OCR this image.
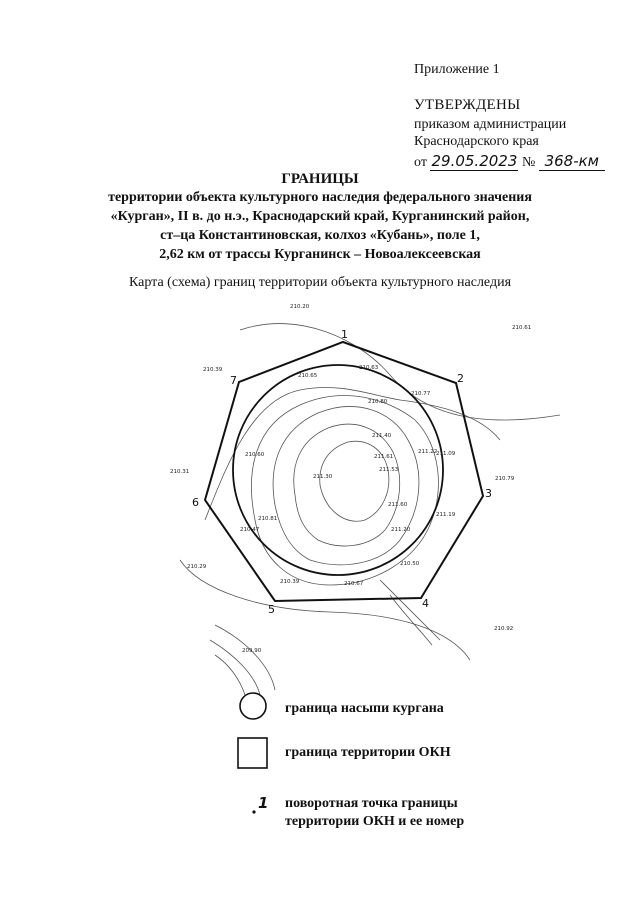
Приложение 1
УТВЕРЖДЕНЫ
приказом администрации
Краснодарского края
от 29.05.2023 № 368-км
ГРАНИЦЫ
территории объекта культурного наследия федерального значения
«Курган», II в. до н.э., Краснодарский край, Курганинский район,
ст–ца Константиновская, колхоз «Кубань», поле 1,
2,62 км от трассы Курганинск – Новоалексеевская
Карта (схема) границ территории объекта культурного наследия
1
2
3
4
5
6
7
210.20
210.61
210.39
210.65
210.63
210.77
210.80
211.40
211.61
211.22
211.09
210.31
210.60
211.30
211.53
210.79
211.60
211.20
211.19
210.81
210.47
210.29	210.50
210.39	210.67
210.92
209.90
1
граница насыпи кургана
граница территории ОКН
поворотная точка границы
территории ОКН и ее номер
